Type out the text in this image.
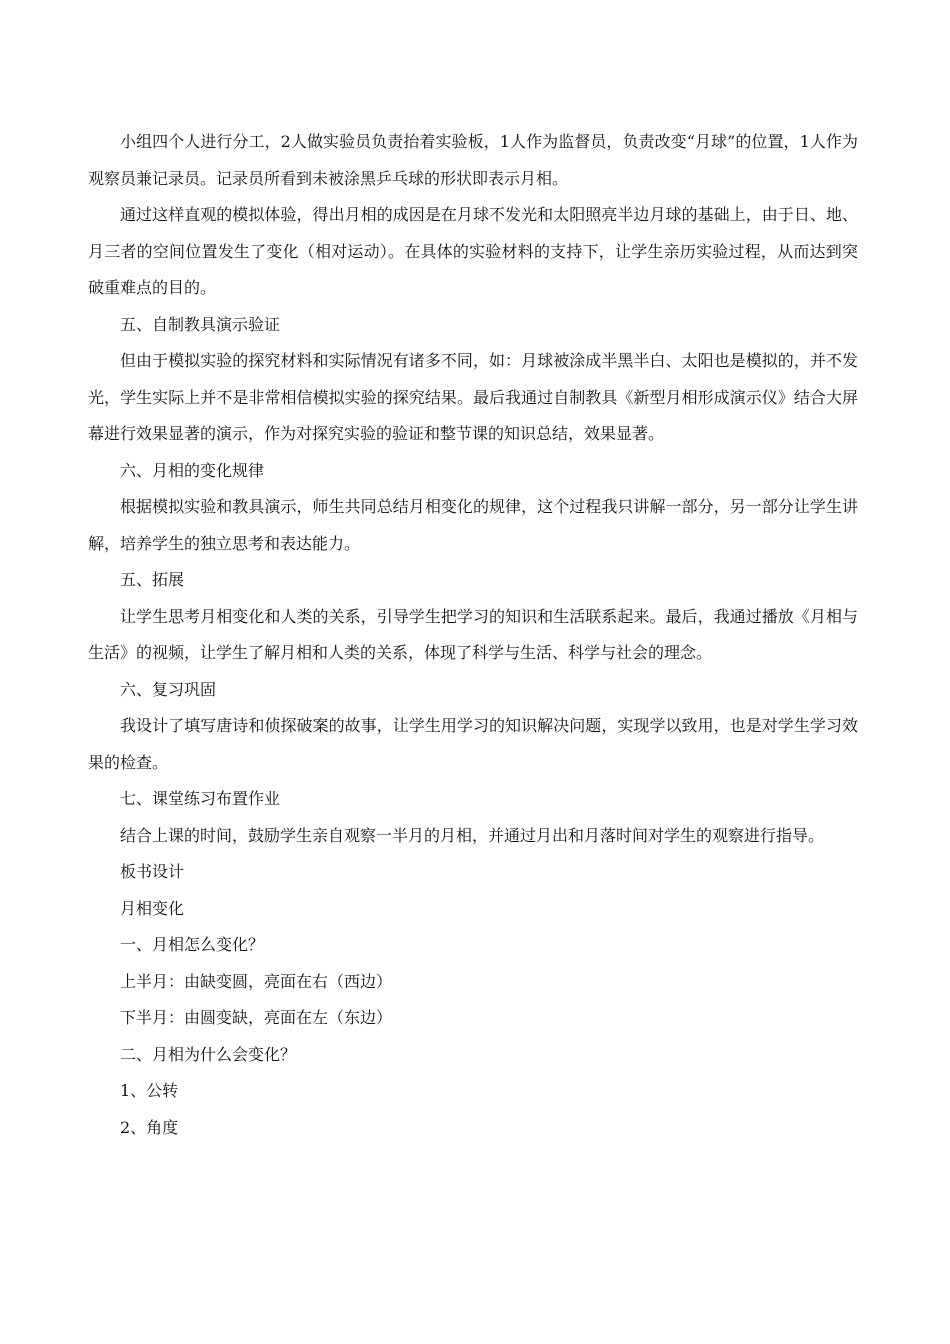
小组四个人进行分工，2人做实验员负责抬着实验板，1人作为监督员，负责改变“月球”的位置，1人作为观察员兼记录员。记录员所看到未被涂黑乒乓球的形状即表示月相。

通过这样直观的模拟体验，得出月相的成因是在月球不发光和太阳照亮半边月球的基础上，由于日、地、月三者的空间位置发生了变化（相对运动）。在具体的实验材料的支持下，让学生亲历实验过程，从而达到突破重难点的目的。

五、自制教具演示验证

但由于模拟实验的探究材料和实际情况有诸多不同，如：月球被涂成半黑半白、太阳也是模拟的，并不发光，学生实际上并不是非常相信模拟实验的探究结果。最后我通过自制教具《新型月相形成演示仪》结合大屏幕进行效果显著的演示，作为对探究实验的验证和整节课的知识总结，效果显著。

六、月相的变化规律

根据模拟实验和教具演示，师生共同总结月相变化的规律，这个过程我只讲解一部分，另一部分让学生讲解，培养学生的独立思考和表达能力。

五、拓展

让学生思考月相变化和人类的关系，引导学生把学习的知识和生活联系起来。最后，我通过播放《月相与生活》的视频，让学生了解月相和人类的关系，体现了科学与生活、科学与社会的理念。

六、复习巩固

我设计了填写唐诗和侦探破案的故事，让学生用学习的知识解决问题，实现学以致用，也是对学生学习效果的检查。

七、课堂练习布置作业

结合上课的时间，鼓励学生亲自观察一半月的月相，并通过月出和月落时间对学生的观察进行指导。

板书设计

月相变化

一、月相怎么变化？

上半月：由缺变圆，亮面在右（西边）

下半月：由圆变缺，亮面在左（东边）

二、月相为什么会变化？

1、公转

2、角度
